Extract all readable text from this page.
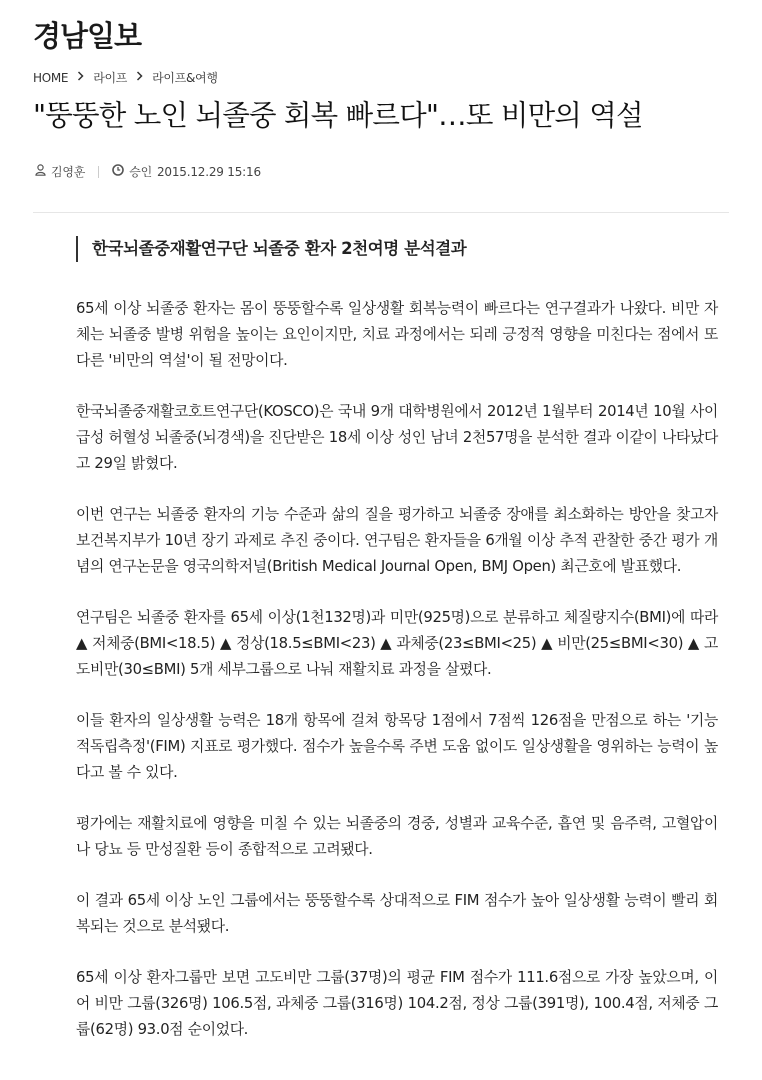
경남일보
HOME 라이프 라이프&여행
"뚱뚱한 노인 뇌졸중 회복 빠르다"…또 비만의 역설
김영훈	승인 2015.12.29 15:16
한국뇌졸중재활연구단 뇌졸중 환자 2천여명 분석결과

65세 이상 뇌졸중 환자는 몸이 뚱뚱할수록 일상생활 회복능력이 빠르다는 연구결과가 나왔다. 비만 자체는 뇌졸중 발병 위험을 높이는 요인이지만, 치료 과정에서는 되레 긍정적 영향을 미친다는 점에서 또 다른 '비만의 역설'이 될 전망이다.

한국뇌졸중재활코호트연구단(KOSCO)은 국내 9개 대학병원에서 2012년 1월부터 2014년 10월 사이 급성 허혈성 뇌졸중(뇌경색)을 진단받은 18세 이상 성인 남녀 2천57명을 분석한 결과 이같이 나타났다고 29일 밝혔다.

이번 연구는 뇌졸중 환자의 기능 수준과 삶의 질을 평가하고 뇌졸중 장애를 최소화하는 방안을 찾고자 보건복지부가 10년 장기 과제로 추진 중이다. 연구팀은 환자들을 6개월 이상 추적 관찰한 중간 평가 개념의 연구논문을 영국의학저널(British Medical Journal Open, BMJ Open) 최근호에 발표했다.

연구팀은 뇌졸중 환자를 65세 이상(1천132명)과 미만(925명)으로 분류하고 체질량지수(BMI)에 따라 ▲ 저체중(BMI<18.5) ▲ 정상(18.5≤BMI<23) ▲ 과체중(23≤BMI<25) ▲ 비만(25≤BMI<30) ▲ 고도비만(30≤BMI) 5개 세부그룹으로 나눠 재활치료 과정을 살폈다.

이들 환자의 일상생활 능력은 18개 항목에 걸쳐 항목당 1점에서 7점씩 126점을 만점으로 하는 '기능적독립측정'(FIM) 지표로 평가했다. 점수가 높을수록 주변 도움 없이도 일상생활을 영위하는 능력이 높다고 볼 수 있다.

평가에는 재활치료에 영향을 미칠 수 있는 뇌졸중의 경중, 성별과 교육수준, 흡연 및 음주력, 고혈압이나 당뇨 등 만성질환 등이 종합적으로 고려됐다.

이 결과 65세 이상 노인 그룹에서는 뚱뚱할수록 상대적으로 FIM 점수가 높아 일상생활 능력이 빨리 회복되는 것으로 분석됐다.

65세 이상 환자그룹만 보면 고도비만 그룹(37명)의 평균 FIM 점수가 111.6점으로 가장 높았으며, 이어 비만 그룹(326명) 106.5점, 과체중 그룹(316명) 104.2점, 정상 그룹(391명), 100.4점, 저체중 그룹(62명) 93.0점 순이었다.
